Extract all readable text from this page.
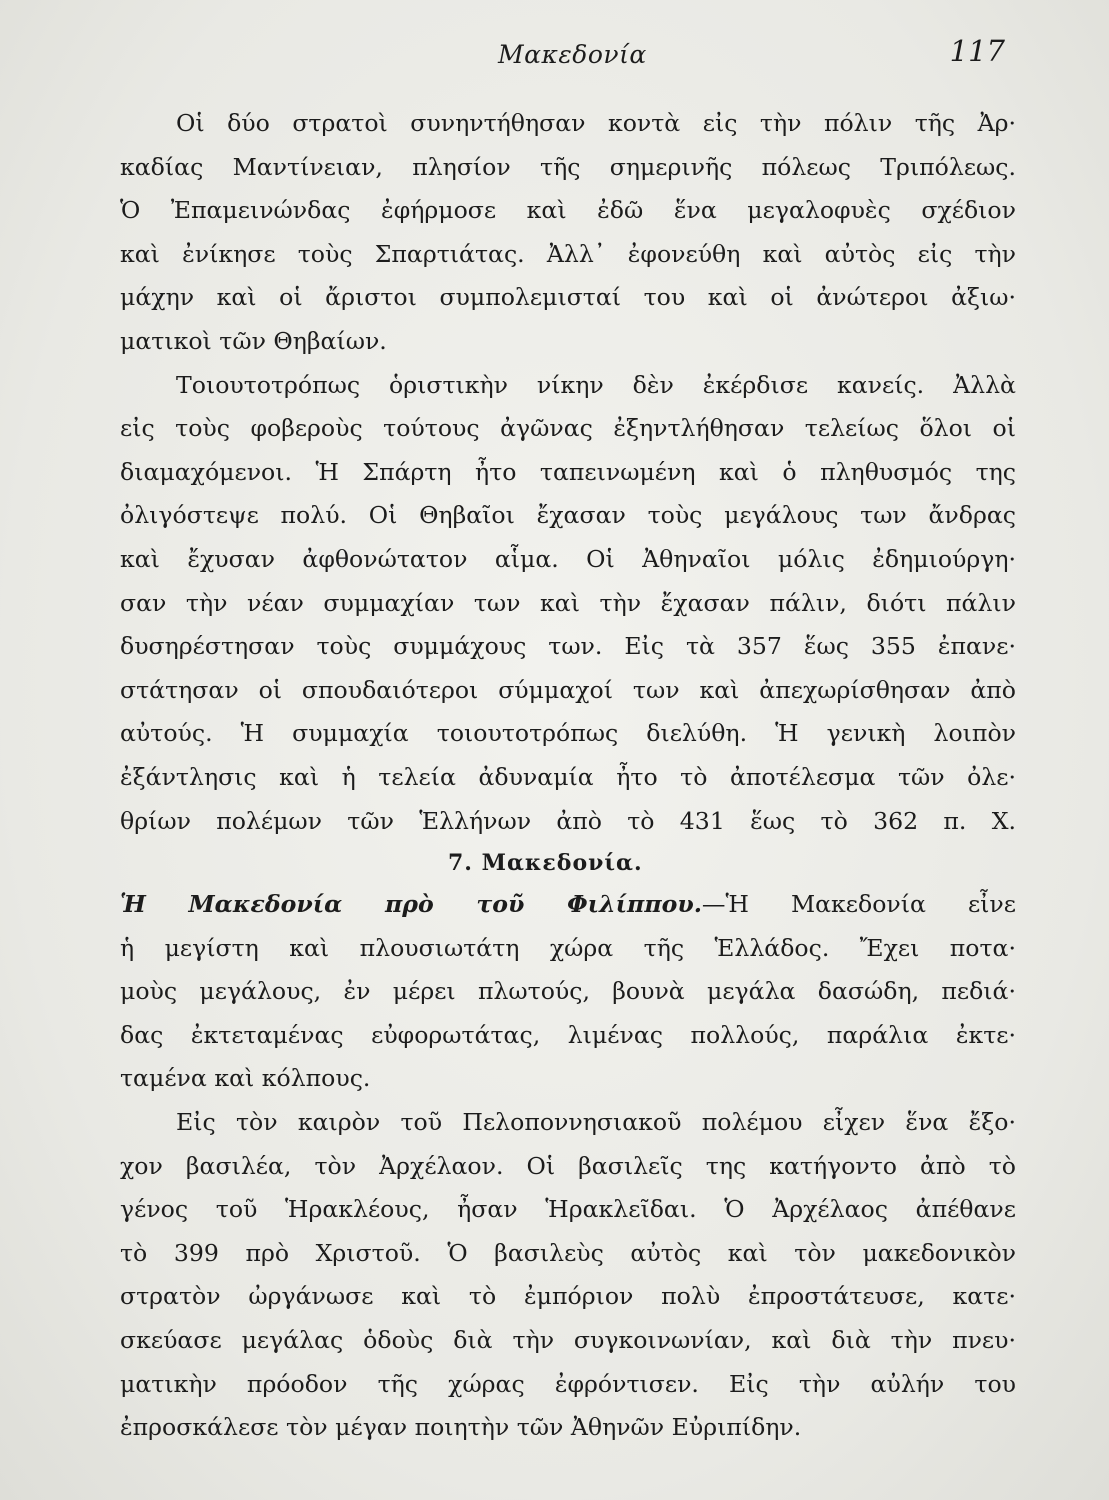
Μακεδονία	117
Οἱ δύο στρατοὶ συνηντήθησαν κοντὰ εἰς τὴν πόλιν τῆς Ἀρ·
καδίας Μαντίνειαν, πλησίον τῆς σημερινῆς πόλεως Τριπόλεως.
Ὁ Ἐπαμεινώνδας ἐφήρμοσε καὶ ἐδῶ ἕνα μεγαλοφυὲς σχέδιον
καὶ ἐνίκησε τοὺς Σπαρτιάτας. Ἀλλ᾽ ἐφονεύθη καὶ αὐτὸς εἰς τὴν
μάχην καὶ οἱ ἄριστοι συμπολεμισταί του καὶ οἱ ἀνώτεροι ἀξιω·
ματικοὶ τῶν Θηβαίων.
Τοιουτοτρόπως ὁριστικὴν νίκην δὲν ἐκέρδισε κανείς. Ἀλλὰ
εἰς τοὺς φοβεροὺς τούτους ἀγῶνας ἐξηντλήθησαν τελείως ὅλοι οἱ
διαμαχόμενοι. Ἡ Σπάρτη ἦτο ταπεινωμένη καὶ ὁ πληθυσμός της
ὀλιγόστεψε πολύ. Οἱ Θηβαῖοι ἔχασαν τοὺς μεγάλους των ἄνδρας
καὶ ἔχυσαν ἀφθονώτατον αἷμα. Οἱ Ἀθηναῖοι μόλις ἐδημιούργη·
σαν τὴν νέαν συμμαχίαν των καὶ τὴν ἔχασαν πάλιν, διότι πάλιν
δυσηρέστησαν τοὺς συμμάχους των. Εἰς τὰ 357 ἕως 355 ἐπανε·
στάτησαν οἱ σπουδαιότεροι σύμμαχοί των καὶ ἀπεχωρίσθησαν ἀπὸ
αὐτούς. Ἡ συμμαχία τοιουτοτρόπως διελύθη. Ἡ γενικὴ λοιπὸν
ἐξάντλησις καὶ ἡ τελεία ἀδυναμία ἦτο τὸ ἀποτέλεσμα τῶν ὀλε·
θρίων πολέμων τῶν Ἑλλήνων ἀπὸ τὸ 431 ἕως τὸ 362 π. Χ.
7. Μακεδονία.
Ἡ Μακεδονία πρὸ τοῦ Φιλίππου.—Ἡ Μακεδονία εἶνε
ἡ μεγίστη καὶ πλουσιωτάτη χώρα τῆς Ἑλλάδος. Ἔχει ποτα·
μοὺς μεγάλους, ἐν μέρει πλωτούς, βουνὰ μεγάλα δασώδη, πεδιά·
δας ἐκτεταμένας εὐφορωτάτας, λιμένας πολλούς, παράλια ἐκτε·
ταμένα καὶ κόλπους.
Εἰς τὸν καιρὸν τοῦ Πελοποννησιακοῦ πολέμου εἶχεν ἕνα ἔξο·
χον βασιλέα, τὸν Ἀρχέλαον. Οἱ βασιλεῖς της κατήγοντο ἀπὸ τὸ
γένος τοῦ Ἡρακλέους, ἦσαν Ἡρακλεῖδαι. Ὁ Ἀρχέλαος ἀπέθανε
τὸ 399 πρὸ Χριστοῦ. Ὁ βασιλεὺς αὐτὸς καὶ τὸν μακεδονικὸν
στρατὸν ὠργάνωσε καὶ τὸ ἐμπόριον πολὺ ἐπροστάτευσε, κατε·
σκεύασε μεγάλας ὁδοὺς διὰ τὴν συγκοινωνίαν, καὶ διὰ τὴν πνευ·
ματικὴν πρόοδον τῆς χώρας ἐφρόντισεν. Εἰς τὴν αὐλήν του
ἐπροσκάλεσε τὸν μέγαν ποιητὴν τῶν Ἀθηνῶν Εὐριπίδην.
